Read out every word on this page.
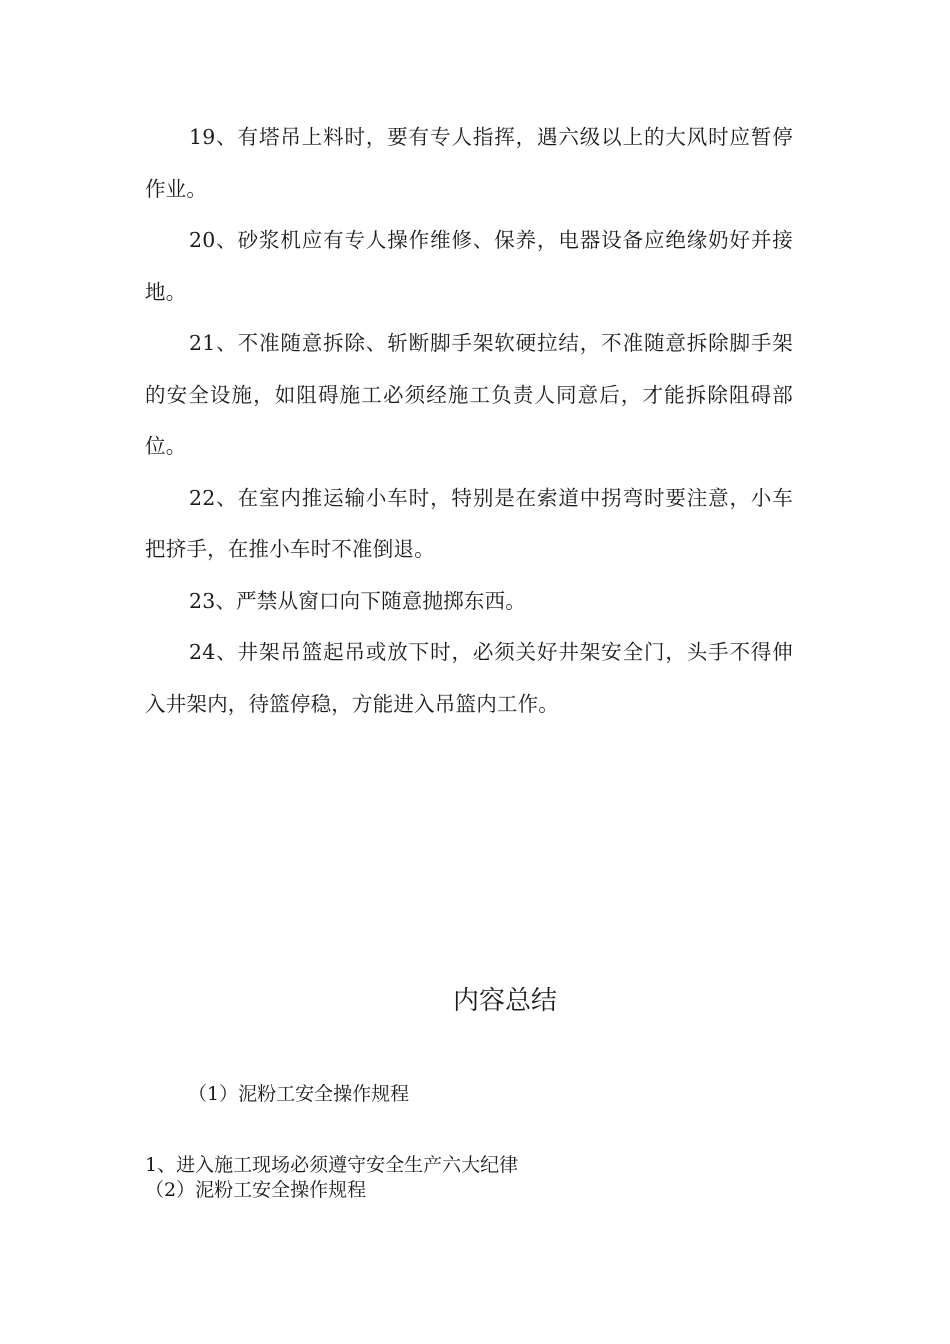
19、有塔吊上料时，要有专人指挥，遇六级以上的大风时应暂停作业。

20、砂浆机应有专人操作维修、保养，电器设备应绝缘奶好并接地。

21、不准随意拆除、斩断脚手架软硬拉结，不准随意拆除脚手架的安全设施，如阻碍施工必须经施工负责人同意后，才能拆除阻碍部位。

22、在室内推运输小车时，特别是在索道中拐弯时要注意，小车把挤手，在推小车时不准倒退。

23、严禁从窗口向下随意抛掷东西。

24、井架吊篮起吊或放下时，必须关好井架安全门，头手不得伸入井架内，待篮停稳，方能进入吊篮内工作。

内容总结
（1）泥粉工安全操作规程
1、进入施工现场必须遵守安全生产六大纪律
（2）泥粉工安全操作规程
